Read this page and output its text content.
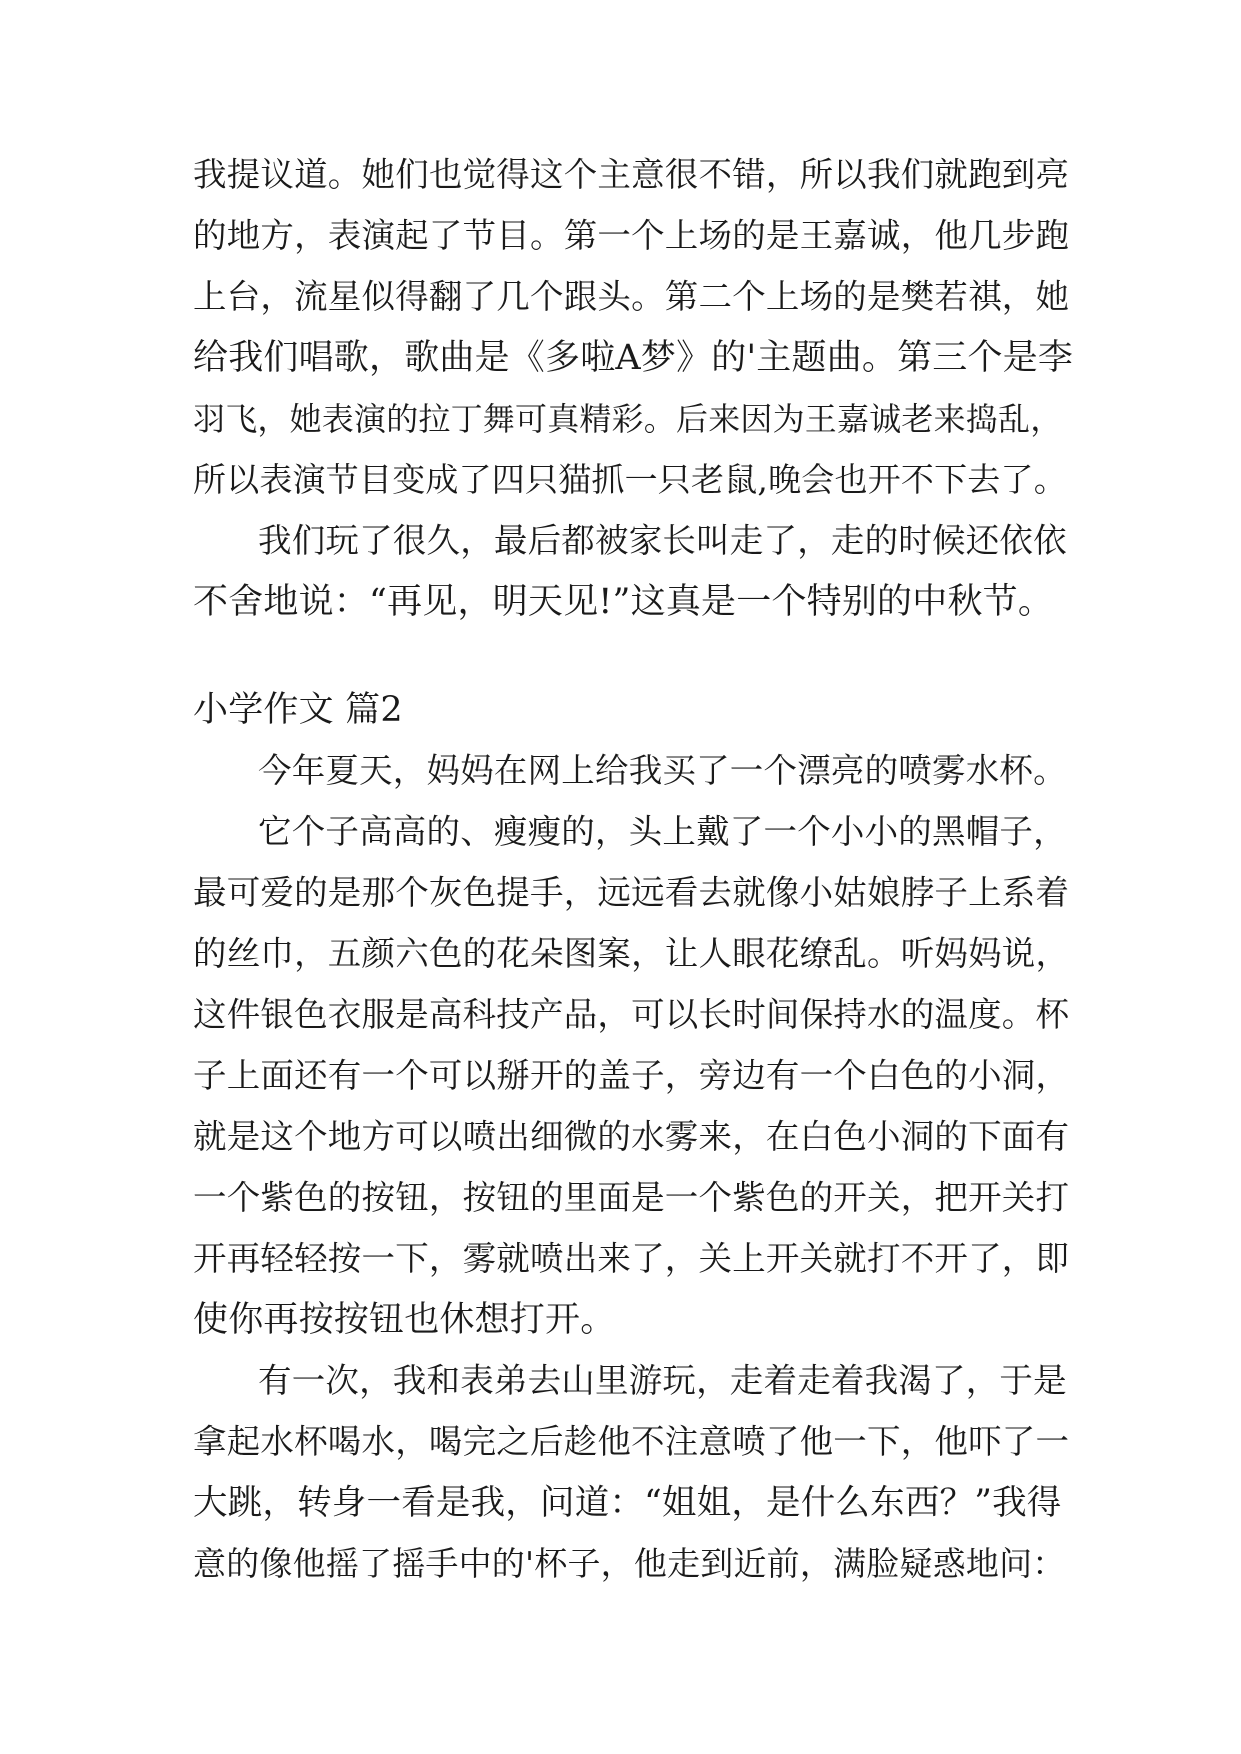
我提议道。她们也觉得这个主意很不错，所以我们就跑到亮
的地方，表演起了节目。第一个上场的是王嘉诚，他几步跑
上台，流星似得翻了几个跟头。第二个上场的是樊若祺，她
给我们唱歌，歌曲是《多啦A梦》的'主题曲。第三个是李
羽飞，她表演的拉丁舞可真精彩。后来因为王嘉诚老来捣乱，
所以表演节目变成了四只猫抓一只老鼠,晚会也开不下去了。
我们玩了很久，最后都被家长叫走了，走的时候还依依
不舍地说：“再见，明天见!”这真是一个特别的中秋节。
小学作文 篇2
今年夏天，妈妈在网上给我买了一个漂亮的喷雾水杯。
它个子高高的、瘦瘦的，头上戴了一个小小的黑帽子，
最可爱的是那个灰色提手，远远看去就像小姑娘脖子上系着
的丝巾，五颜六色的花朵图案，让人眼花缭乱。听妈妈说，
这件银色衣服是高科技产品，可以长时间保持水的温度。杯
子上面还有一个可以掰开的盖子，旁边有一个白色的小洞，
就是这个地方可以喷出细微的水雾来，在白色小洞的下面有
一个紫色的按钮，按钮的里面是一个紫色的开关，把开关打
开再轻轻按一下，雾就喷出来了，关上开关就打不开了，即
使你再按按钮也休想打开。
有一次，我和表弟去山里游玩，走着走着我渴了，于是
拿起水杯喝水，喝完之后趁他不注意喷了他一下，他吓了一
大跳，转身一看是我，问道：“姐姐，是什么东西？”我得
意的像他摇了摇手中的'杯子，他走到近前，满脸疑惑地问：
